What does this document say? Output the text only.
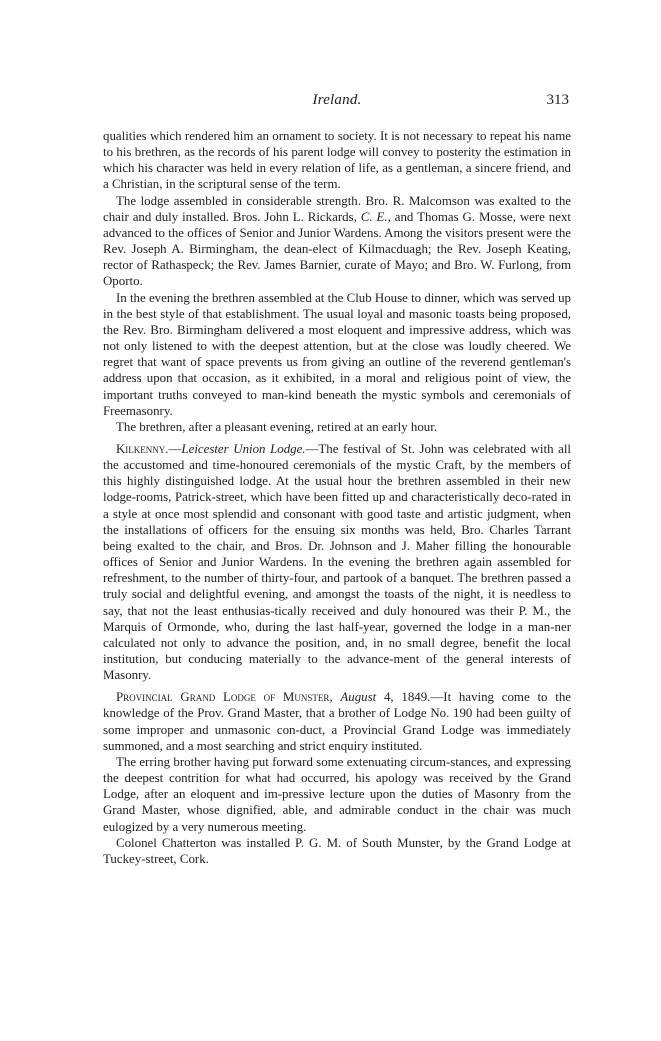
Ireland.	313

qualities which rendered him an ornament to society. It is not necessary to repeat his name to his brethren, as the records of his parent lodge will convey to posterity the estimation in which his character was held in every relation of life, as a gentleman, a sincere friend, and a Christian, in the scriptural sense of the term.

The lodge assembled in considerable strength. Bro. R. Malcomson was exalted to the chair and duly installed. Bros. John L. Rickards, C. E., and Thomas G. Mosse, were next advanced to the offices of Senior and Junior Wardens. Among the visitors present were the Rev. Joseph A. Birmingham, the dean-elect of Kilmacduagh; the Rev. Joseph Keating, rector of Rathaspeck; the Rev. James Barnier, curate of Mayo; and Bro. W. Furlong, from Oporto.

In the evening the brethren assembled at the Club House to dinner, which was served up in the best style of that establishment. The usual loyal and masonic toasts being proposed, the Rev. Bro. Birmingham delivered a most eloquent and impressive address, which was not only listened to with the deepest attention, but at the close was loudly cheered. We regret that want of space prevents us from giving an outline of the reverend gentleman's address upon that occasion, as it exhibited, in a moral and religious point of view, the important truths conveyed to man-kind beneath the mystic symbols and ceremonials of Freemasonry.

The brethren, after a pleasant evening, retired at an early hour.

Kilkenny.—Leicester Union Lodge.—The festival of St. John was celebrated with all the accustomed and time-honoured ceremonials of the mystic Craft, by the members of this highly distinguished lodge. At the usual hour the brethren assembled in their new lodge-rooms, Patrick-street, which have been fitted up and characteristically deco-rated in a style at once most splendid and consonant with good taste and artistic judgment, when the installations of officers for the ensuing six months was held, Bro. Charles Tarrant being exalted to the chair, and Bros. Dr. Johnson and J. Maher filling the honourable offices of Senior and Junior Wardens. In the evening the brethren again assembled for refreshment, to the number of thirty-four, and partook of a banquet. The brethren passed a truly social and delightful evening, and amongst the toasts of the night, it is needless to say, that not the least enthusias-tically received and duly honoured was their P. M., the Marquis of Ormonde, who, during the last half-year, governed the lodge in a man-ner calculated not only to advance the position, and, in no small degree, benefit the local institution, but conducing materially to the advance-ment of the general interests of Masonry.

Provincial Grand Lodge of Munster, August 4, 1849.—It having come to the knowledge of the Prov. Grand Master, that a brother of Lodge No. 190 had been guilty of some improper and unmasonic con-duct, a Provincial Grand Lodge was immediately summoned, and a most searching and strict enquiry instituted.

The erring brother having put forward some extenuating circum-stances, and expressing the deepest contrition for what had occurred, his apology was received by the Grand Lodge, after an eloquent and im-pressive lecture upon the duties of Masonry from the Grand Master, whose dignified, able, and admirable conduct in the chair was much eulogized by a very numerous meeting.

Colonel Chatterton was installed P. G. M. of South Munster, by the Grand Lodge at Tuckey-street, Cork.
